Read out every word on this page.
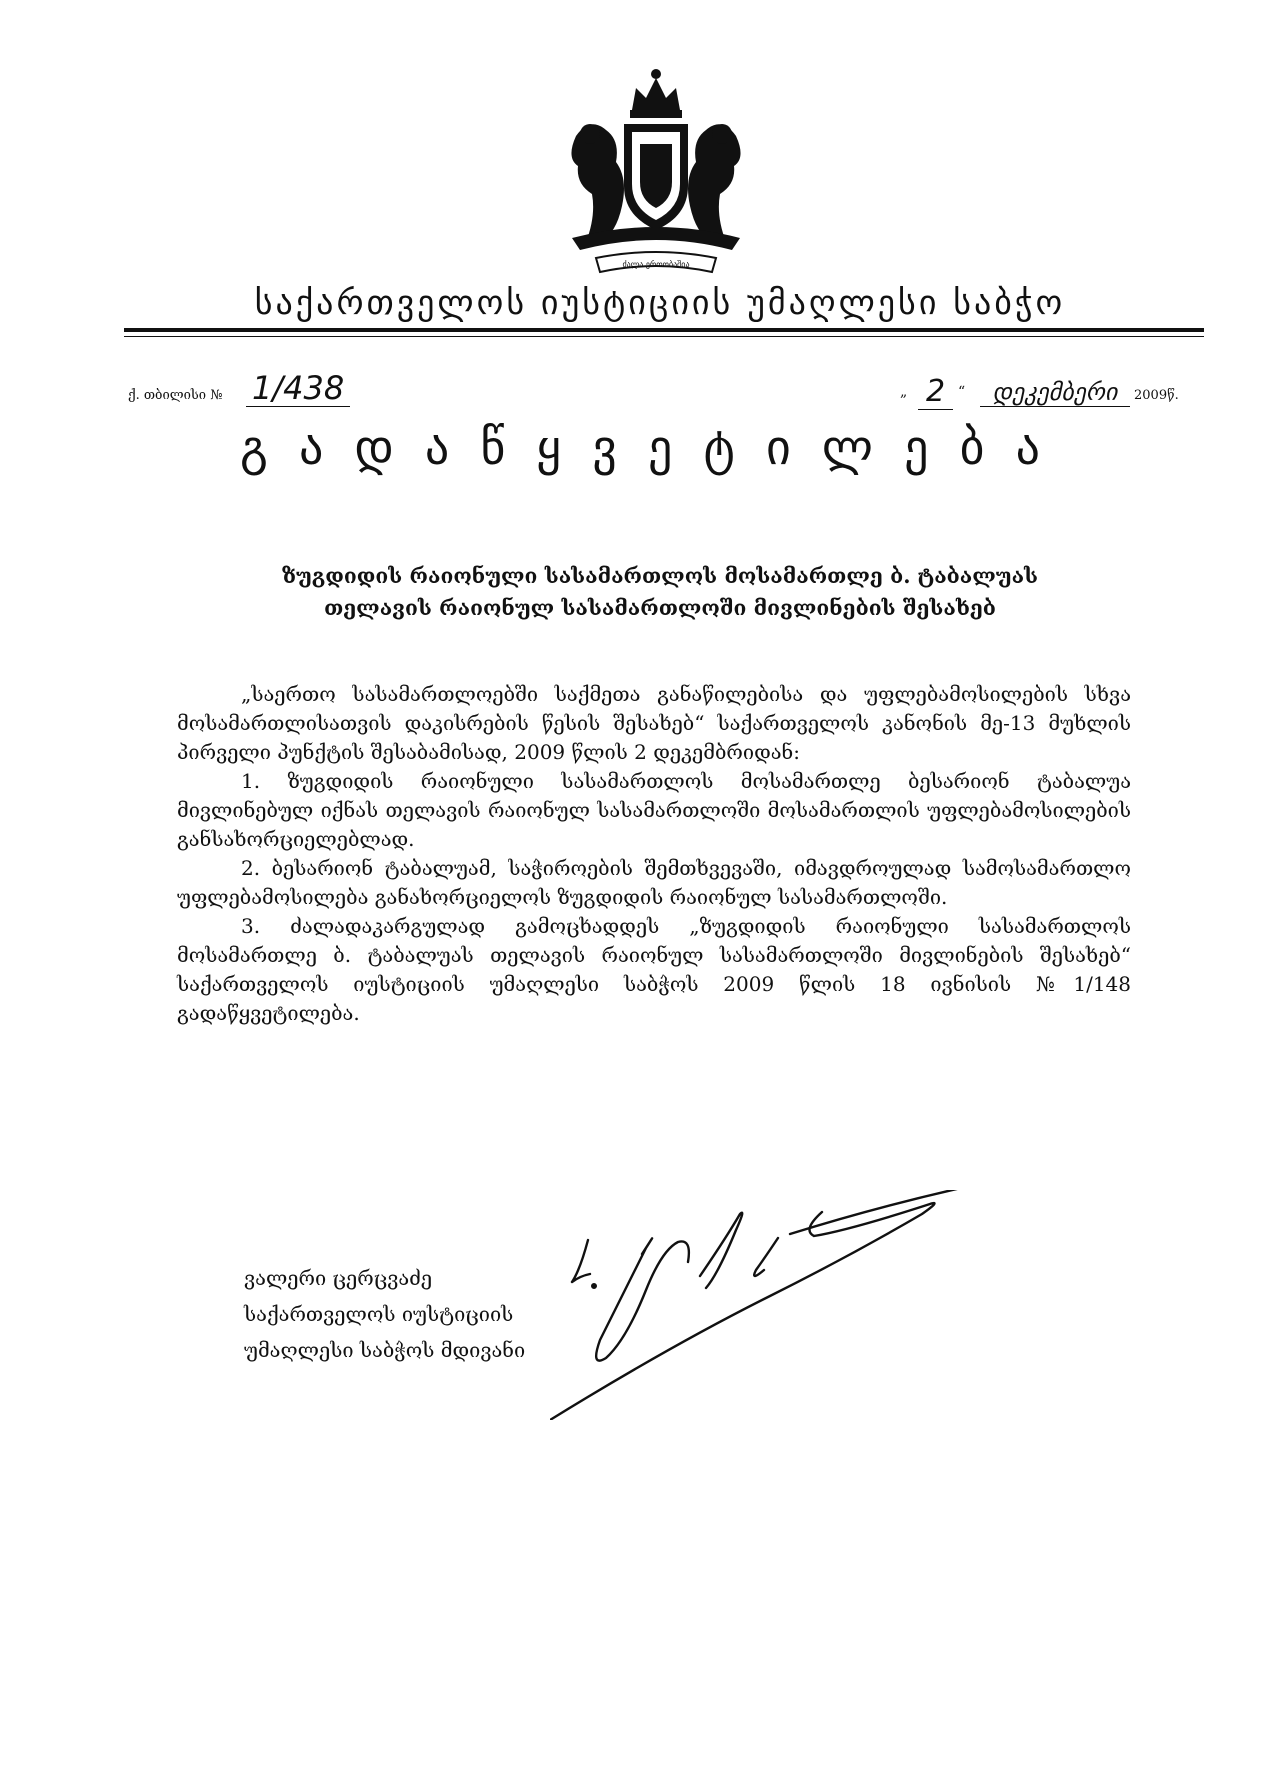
ძალა ერთობაშია
საქართველოს იუსტიციის უმაღლესი საბჭო
ქ. თბილისი № 1/438	„ 2 “	დეკემბერი	2009წ.
გ ა დ ა წ ყ ვ ე ტ ი ლ ე ბ ა
ზუგდიდის რაიონული სასამართლოს მოსამართლე ბ. ტაბალუას
თელავის რაიონულ სასამართლოში მივლინების შესახებ

„საერთო სასამართლოებში საქმეთა განაწილებისა და უფლებამოსილების სხვა მოსამართლისათვის დაკისრების წესის შესახებ“ საქართველოს კანონის მე-13 მუხლის პირველი პუნქტის შესაბამისად, 2009 წლის 2 დეკემბრიდან:

1. ზუგდიდის რაიონული სასამართლოს მოსამართლე ბესარიონ ტაბალუა მივლინებულ იქნას თელავის რაიონულ სასამართლოში მოსამართლის უფლებამოსილების განსახორციელებლად.

2. ბესარიონ ტაბალუამ, საჭიროების შემთხვევაში, იმავდროულად სამოსამართლო უფლებამოსილება განახორციელოს ზუგდიდის რაიონულ სასამართლოში.

3. ძალადაკარგულად გამოცხადდეს „ზუგდიდის რაიონული სასამართლოს მოსამართლე ბ. ტაბალუას თელავის რაიონულ სასამართლოში მივლინების შესახებ“ საქართველოს იუსტიციის უმაღლესი საბჭოს 2009 წლის 18 ივნისის №1/148 გადაწყვეტილება.

ვალერი ცერცვაძე
საქართველოს იუსტიციის
უმაღლესი საბჭოს მდივანი
